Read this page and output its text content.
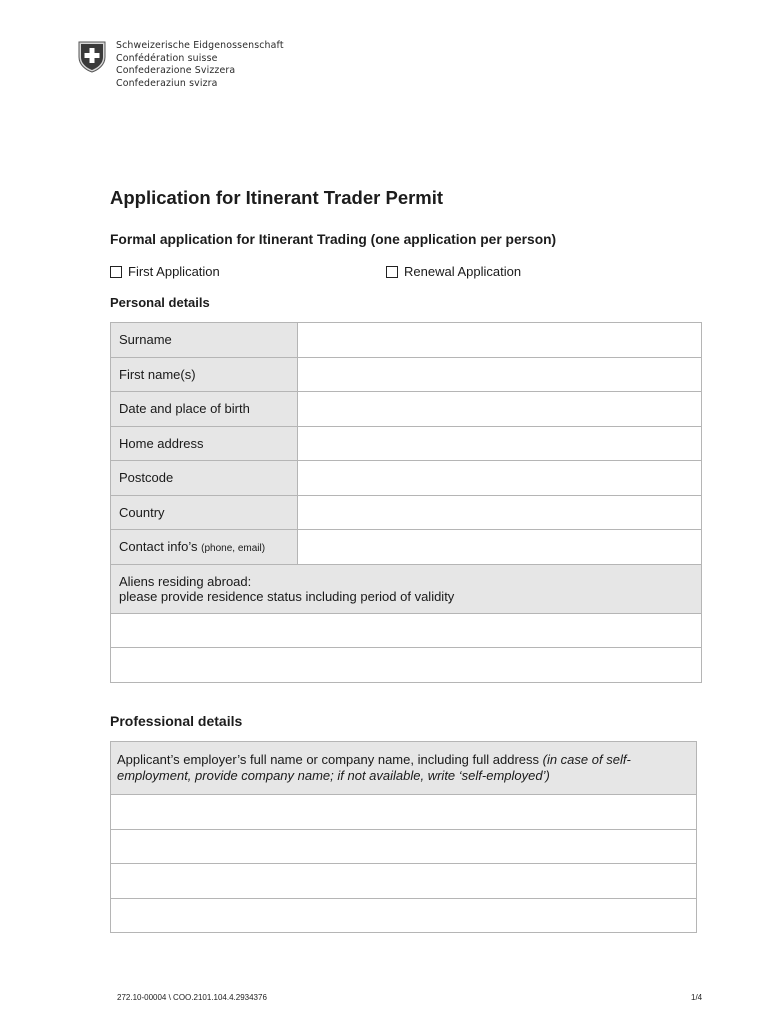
Schweizerische Eidgenossenschaft
Confédération suisse
Confederazione Svizzera
Confederaziun svizra
Application for Itinerant Trader Permit
Formal application for Itinerant Trading (one application per person)
First Application	Renewal Application
Personal details
Surname	
First name(s)	
Date and place of birth	
Home address	
Postcode	
Country	
Contact info’s (phone, email)	

Aliens residing abroad:
please provide residence status including period of validity	

Professional details
Applicant’s employer’s full name or company name, including full address (in case of self-employment, provide company name; if not available, write ‘self-employed’)

272.10-00004 \ COO.2101.104.4.2934376	1/4
